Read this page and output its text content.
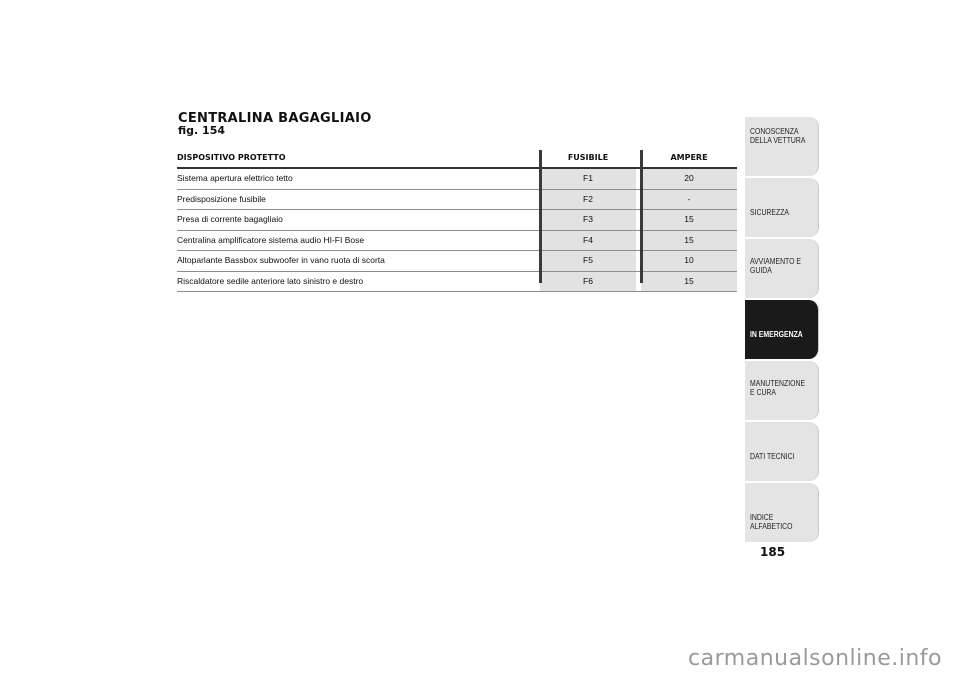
CENTRALINA BAGAGLIAIO
fig. 154
DISPOSITIVO PROTETTO	FUSIBILE	AMPERE
Sistema apertura elettrico tetto	F1	20
Predisposizione fusibile	F2	-
Presa di corrente bagagliaio	F3	15
Centralina amplificatore sistema audio HI-FI Bose	F4	15
Altoparlante Bassbox subwoofer in vano ruota di scorta	F5	10
Riscaldatore sedile anteriore lato sinistro e destro	F6	15
CONOSCENZA DELLA VETTURA
SICUREZZA
AVVIAMENTO E GUIDA
IN EMERGENZA
MANUTENZIONE E CURA
DATI TECNICI
INDICE ALFABETICO
185
carmanualsonline.info
